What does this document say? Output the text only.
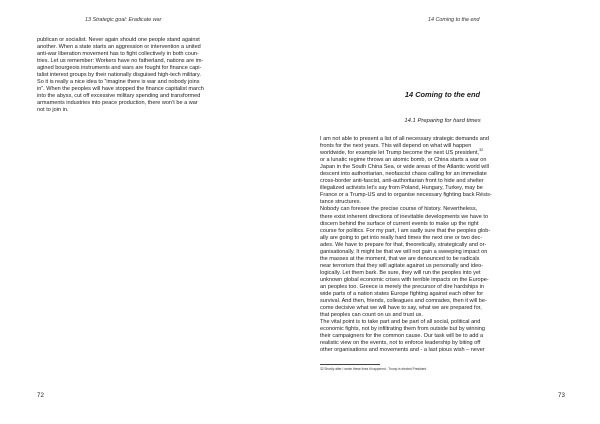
13 Strategic goal: Eradicate war

publican or socialist. Never again should one people stand against
another. When a state starts an aggression or intervention a united
anti-war liberation movement has to fight collectively in both coun-
tries. Let us remember: Workers have no fatherland, nations are im-
agined bourgeois instruments and wars are fought for finance capi-
talist interest groups by their nationally disguised high-tech military.
So it is really a nice idea to “imagine there is war and nobody joins
in”. When the peoples will have stopped the finance capitalist march
into the abyss, cut off excessive military spending and transformed
armaments industries into peace production, there won’t be a war
not to join in.

72
14 Coming to the end
14 Coming to the end
14.1 Preparing for hard times

I am not able to present a list of all necessary strategic demands and
fronts for the next years. This will depend on what will happen
worldwide, for example let Trump become the next US president,$^{32}$
or a lunatic regime throws an atomic bomb, or China starts a war on
Japan in the South China Sea, or wide areas of the Atlantic world will
descent into authoritarian, neofascist chaos calling for an immediate
cross-border anti-fascist, anti-authoritarian front to hide and shelter
illegalized activists let’s say from Poland, Hungary, Turkey, may be
France or a Trump-US and to organise necessary fighting back Résis-
tance structures.

Nobody can foresee the precise course of history. Nevertheless,
there exist inherent directions of inevitable developments we have to
discern behind the surface of current events to make up the right
course for politics. For my part, I am sadly sure that the peoples glob-
ally are going to get into really hard times the next one or two dec-
ades. We have to prepare for that, theoretically, strategically and or-
ganisationally. It might be that we will not gain a sweeping impact on
the masses at the moment, that we are denounced to be radicals
near terrorism that they will agitate against us personally and ideo-
logically. Let them bark. Be sure, they will run the peoples into yet
unknown global economic crises with terrible impacts on the Europe-
an peoples too. Greece is merely the precursor of dire hardships in
wide parts of a nation states Europe fighting against each other for
survival. And then, friends, colleagues and comrades, then it will be-
come decisive what we will have to say, what we are prepared for,
that peoples can count on us and trust us.

The vital point is to take part and be part of all social, political and
economic fights, not by infiltrating them from outside but by winning
their campaigners for the common cause. Our task will be to add a
realistic view on the events, not to enforce leadership by biting off
other organisations and movements and - a last pious wish – never

32 Shortly after I wrote these lines it happened : Trump is elected President.
73
